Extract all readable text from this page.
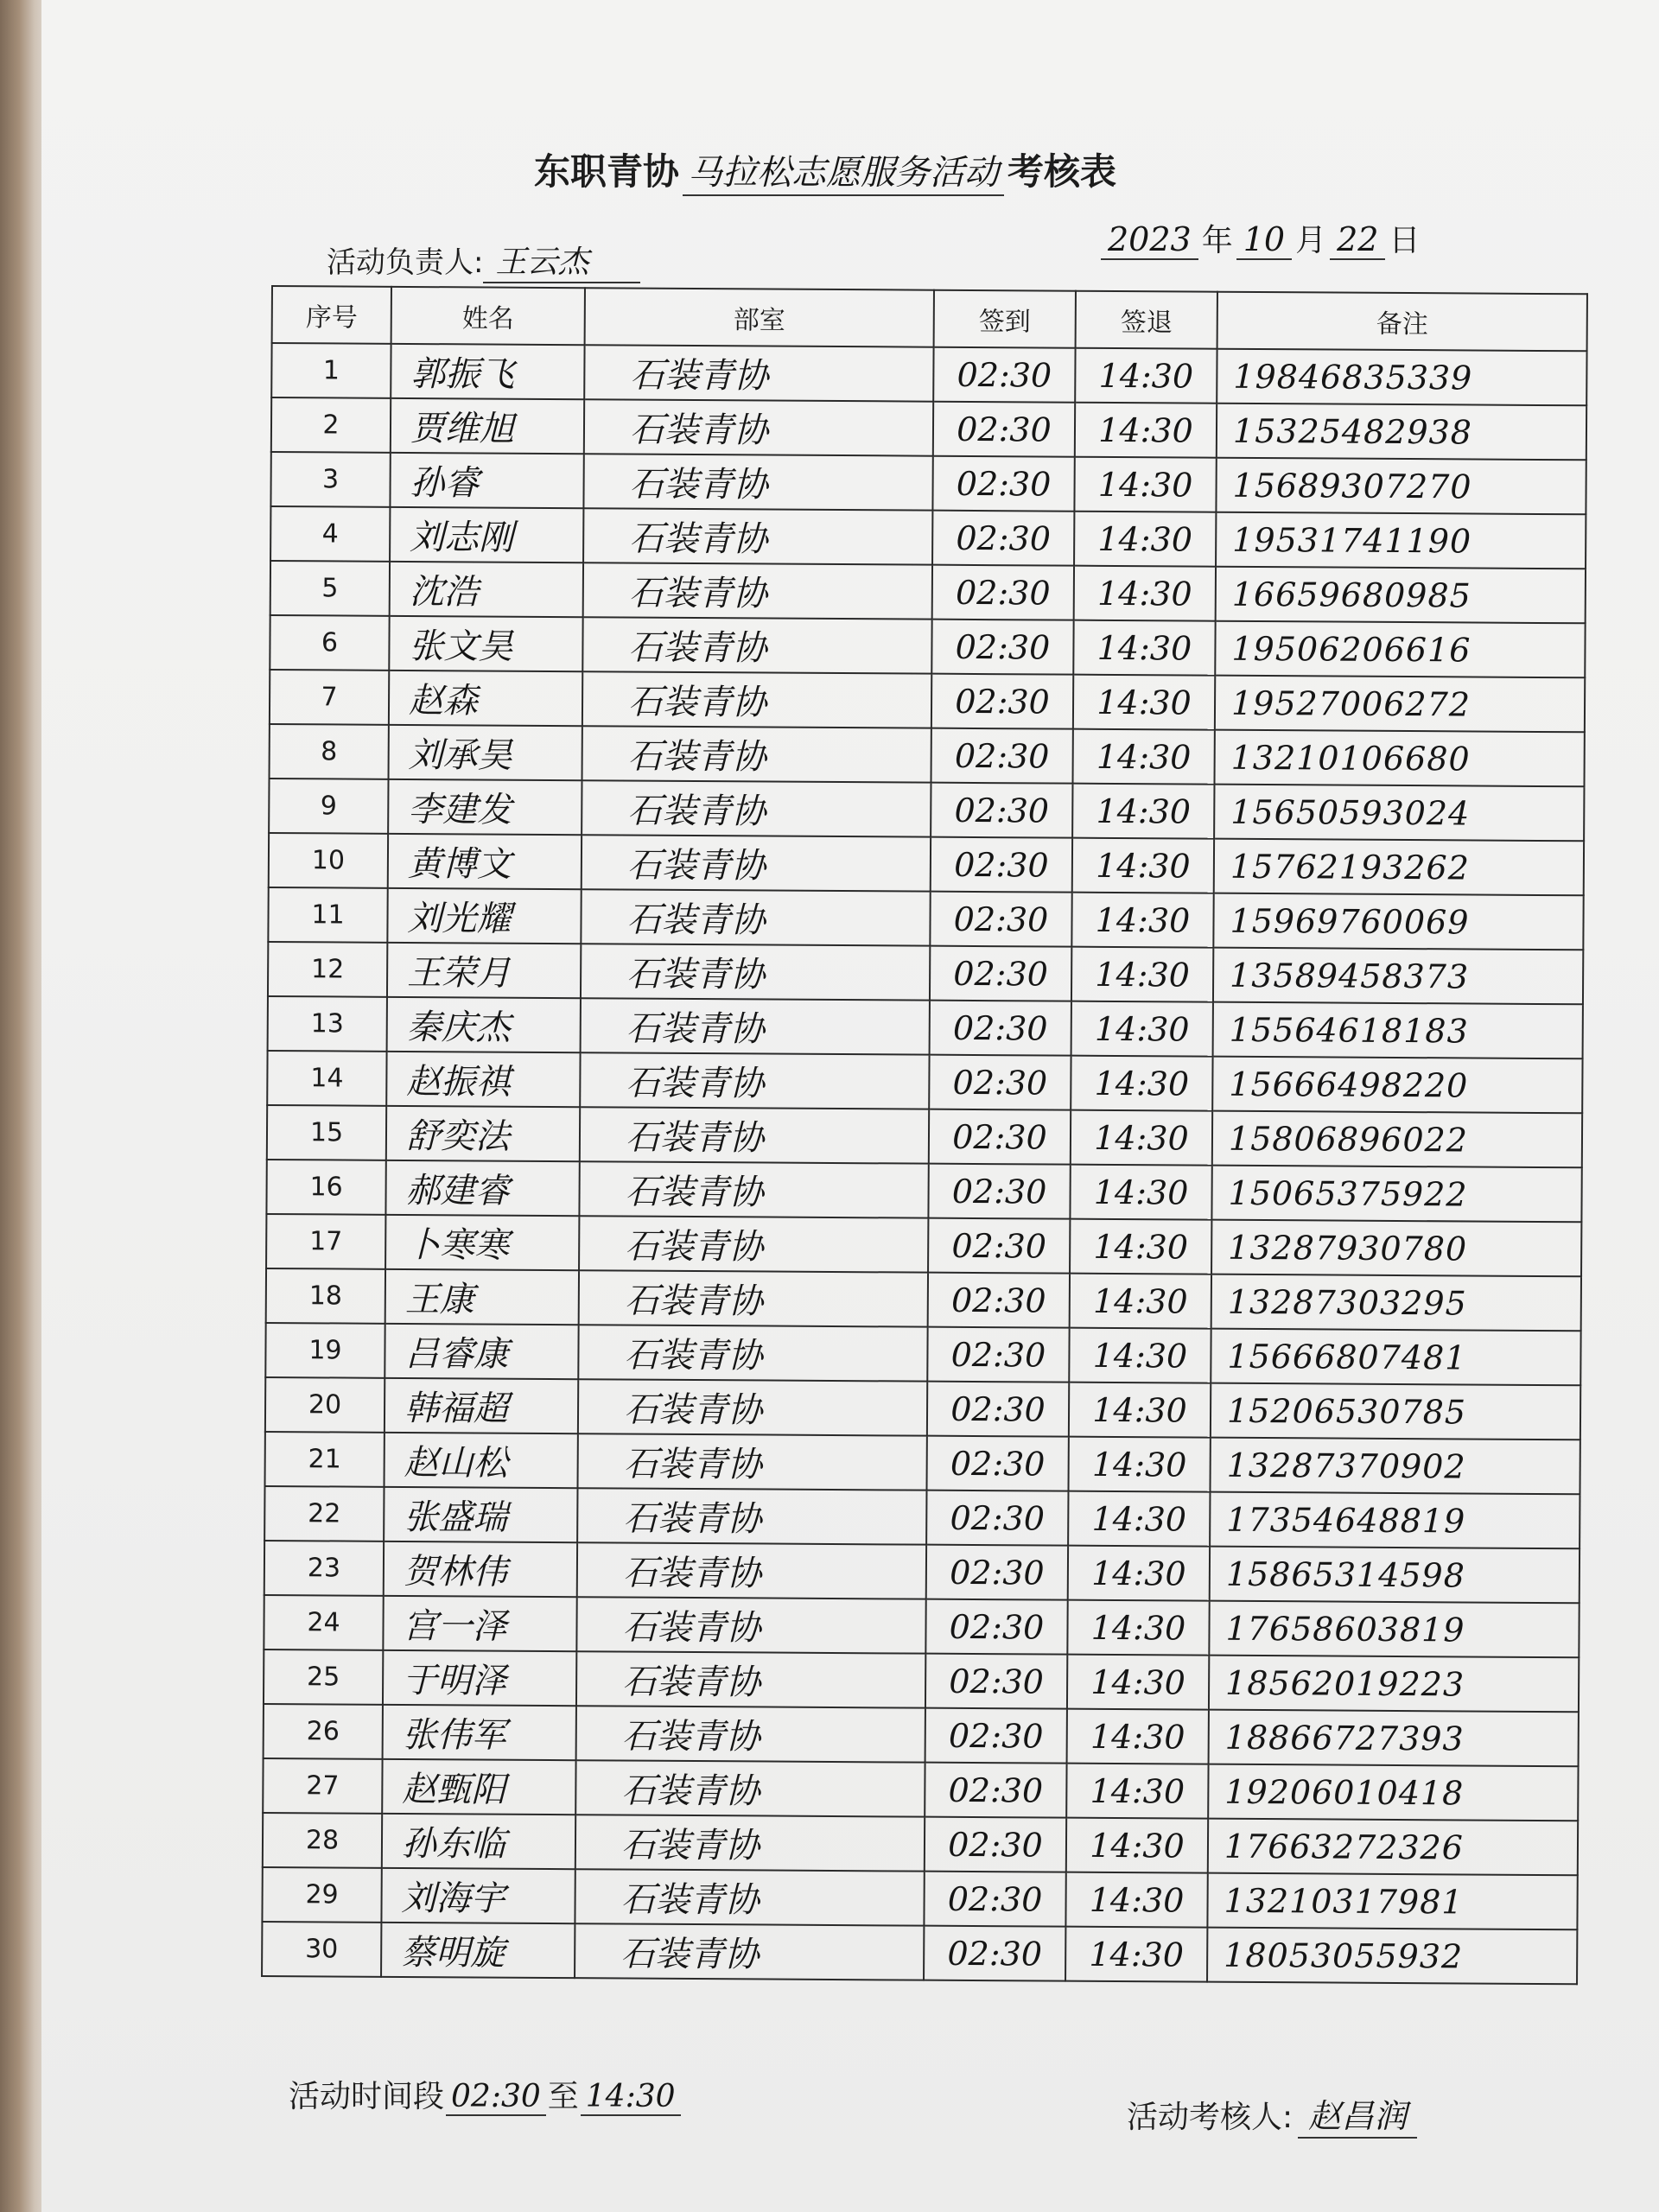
东职青协 马拉松志愿服务活动 考核表
活动负责人: 王云杰
2023 年 10 月 22 日
序号	姓名	部室	签到	签退	备注
1	郭振飞	石装青协	02:30	14:30	19846835339
2	贾维旭	石装青协	02:30	14:30	15325482938
3	孙睿	石装青协	02:30	14:30	15689307270
4	刘志刚	石装青协	02:30	14:30	19531741190
5	沈浩	石装青协	02:30	14:30	16659680985
6	张文昊	石装青协	02:30	14:30	19506206616
7	赵森	石装青协	02:30	14:30	19527006272
8	刘承昊	石装青协	02:30	14:30	13210106680
9	李建发	石装青协	02:30	14:30	15650593024
10	黄博文	石装青协	02:30	14:30	15762193262
11	刘光耀	石装青协	02:30	14:30	15969760069
12	王荣月	石装青协	02:30	14:30	13589458373
13	秦庆杰	石装青协	02:30	14:30	15564618183
14	赵振祺	石装青协	02:30	14:30	15666498220
15	舒奕法	石装青协	02:30	14:30	15806896022
16	郝建睿	石装青协	02:30	14:30	15065375922
17	卜寒寒	石装青协	02:30	14:30	13287930780
18	王康	石装青协	02:30	14:30	13287303295
19	吕睿康	石装青协	02:30	14:30	15666807481
20	韩福超	石装青协	02:30	14:30	15206530785
21	赵山松	石装青协	02:30	14:30	13287370902
22	张盛瑞	石装青协	02:30	14:30	17354648819
23	贺林伟	石装青协	02:30	14:30	15865314598
24	宫一泽	石装青协	02:30	14:30	17658603819
25	于明泽	石装青协	02:30	14:30	18562019223
26	张伟军	石装青协	02:30	14:30	18866727393
27	赵甄阳	石装青协	02:30	14:30	19206010418
28	孙东临	石装青协	02:30	14:30	17663272326
29	刘海宇	石装青协	02:30	14:30	13210317981
30	蔡明旋	石装青协	02:30	14:30	18053055932
活动时间段 02:30 至 14:30
活动考核人: 赵昌润
